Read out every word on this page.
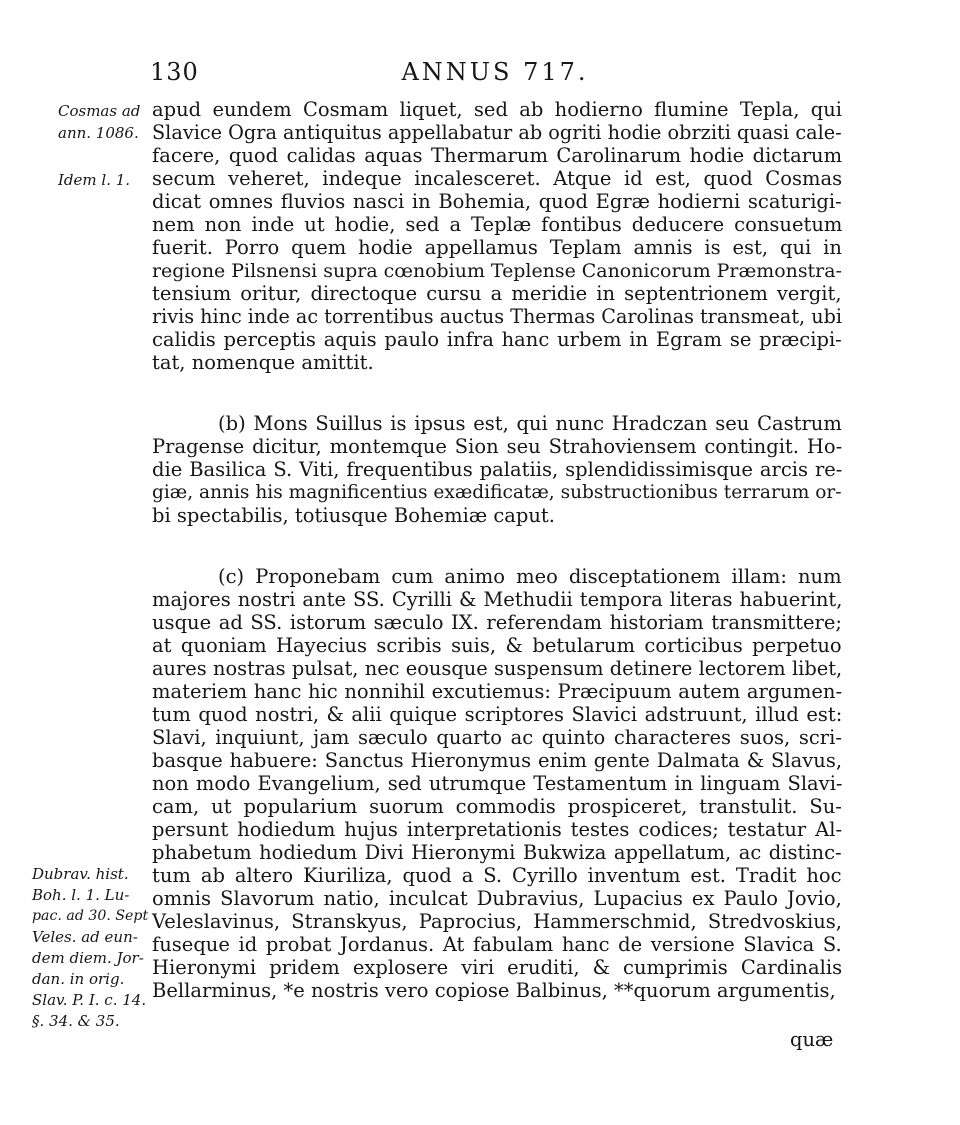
130	ANNUS 717.
apud eundem Cosmam liquet, sed ab hodierno flumine Tepla, qui
Slavice Ogra antiquitus appellabatur ab ogriti hodie obrziti quasi cale-
facere, quod calidas aquas Thermarum Carolinarum hodie dictarum
secum veheret, indeque incalesceret. Atque id est, quod Cosmas
dicat omnes fluvios nasci in Bohemia, quod Egræ hodierni scaturigi-
nem non inde ut hodie, sed a Teplæ fontibus deducere consuetum
fuerit. Porro quem hodie appellamus Teplam amnis is est, qui in
regione Pilsnensi supra cœnobium Teplense Canonicorum Præmonstra-
tensium oritur, directoque cursu a meridie in septentrionem vergit,
rivis hinc inde ac torrentibus auctus Thermas Carolinas transmeat, ubi
calidis perceptis aquis paulo infra hanc urbem in Egram se præcipi-
tat, nomenque amittit.
(b) Mons Suillus is ipsus est, qui nunc Hradczan seu Castrum
Pragense dicitur, montemque Sion seu Strahoviensem contingit. Ho-
die Basilica S. Viti, frequentibus palatiis, splendidissimisque arcis re-
giæ, annis his magnificentius exædificatæ, substructionibus terrarum or-
bi spectabilis, totiusque Bohemiæ caput.
(c) Proponebam cum animo meo disceptationem illam: num
majores nostri ante SS. Cyrilli & Methudii tempora literas habuerint,
usque ad SS. istorum sæculo IX. referendam historiam transmittere;
at quoniam Hayecius scribis suis, & betularum corticibus perpetuo
aures nostras pulsat, nec eousque suspensum detinere lectorem libet,
materiem hanc hic nonnihil excutiemus: Præcipuum autem argumen-
tum quod nostri, & alii quique scriptores Slavici adstruunt, illud est:
Slavi, inquiunt, jam sæculo quarto ac quinto characteres suos, scri-
basque habuere: Sanctus Hieronymus enim gente Dalmata & Slavus,
non modo Evangelium, sed utrumque Testamentum in linguam Slavi-
cam, ut popularium suorum commodis prospiceret, transtulit. Su-
persunt hodiedum hujus interpretationis testes codices; testatur Al-
phabetum hodiedum Divi Hieronymi Bukwiza appellatum, ac distinc-
tum ab altero Kiuriliza, quod a S. Cyrillo inventum est. Tradit hoc
omnis Slavorum natio, inculcat Dubravius, Lupacius ex Paulo Jovio,
Veleslavinus, Stranskyus, Paprocius, Hammerschmid, Stredvoskius,
fuseque id probat Jordanus. At fabulam hanc de versione Slavica S.
Hieronymi pridem explosere viri eruditi, & cumprimis Cardinalis
Bellarminus, *e nostris vero copiose Balbinus, **quorum argumentis,
Cosmas ad
ann. 1086.
Idem l. 1.
Dubrav. hist.
Boh. l. 1. Lu-
pac. ad 30. Sept
Veles. ad eun-
dem diem. Jor-
dan. in orig.
Slav. P. I. c. 14.
§. 34. & 35.
quæ
